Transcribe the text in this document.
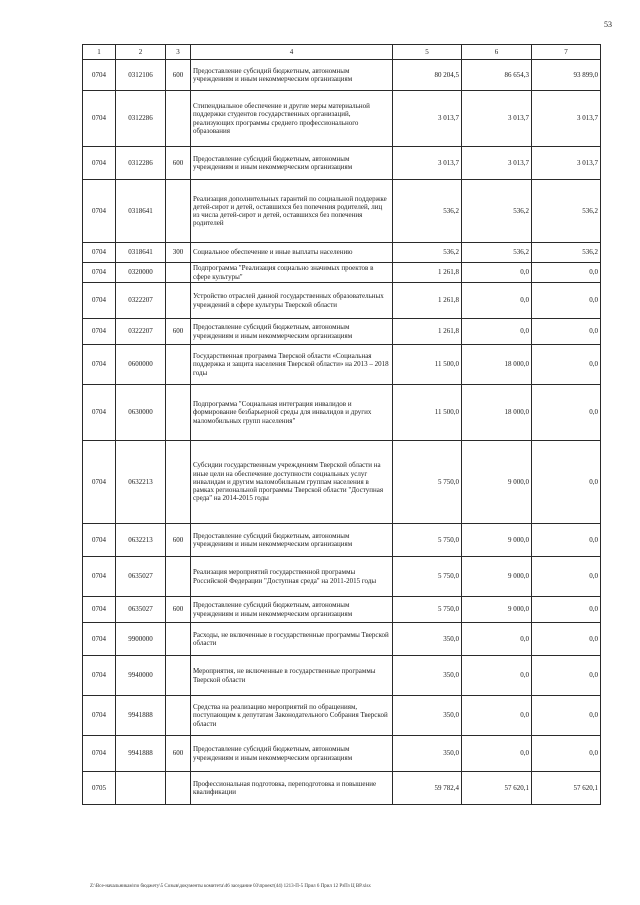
53
1	2	3	4	5	6	7
0704	0312106	600	Предоставление субсидий бюджетным, автономным учреждениям и иным некоммерческим организациям	80 204,5	86 654,3	93 899,0
0704	0312286		Стипендиальное обеспечение и другие меры материальной поддержки студентов государственных организаций, реализующих программы среднего профессионального образования	3 013,7	3 013,7	3 013,7
0704	0312286	600	Предоставление субсидий бюджетным, автономным учреждениям и иным некоммерческим организациям	3 013,7	3 013,7	3 013,7
0704	0318641		Реализация дополнительных гарантий по социальной поддержке детей-сирот и детей, оставшихся без попечения родителей, лиц из числа детей-сирот и детей, оставшихся без попечения родителей	536,2	536,2	536,2
0704	0318641	300	Социальное обеспечение и иные выплаты населению	536,2	536,2	536,2
0704	0320000		Подпрограмма "Реализация социально значимых проектов в сфере культуры"	1 261,8	0,0	0,0
0704	0322207		Устройство отраслей данной государственных образовательных учреждений в сфере культуры Тверской области	1 261,8	0,0	0,0
0704	0322207	600	Предоставление субсидий бюджетным, автономным учреждениям и иным некоммерческим организациям	1 261,8	0,0	0,0
0704	0600000		Государственная программа Тверской области «Социальная поддержка и защита населения Тверской области» на 2013 – 2018 годы	11 500,0	18 000,0	0,0
0704	0630000		Подпрограмма "Социальная интеграция инвалидов и формирование безбарьерной среды для инвалидов и других маломобильных групп населения"	11 500,0	18 000,0	0,0
0704	0632213		Субсидии государственным учреждениям Тверской области на иные цели на обеспечение доступности социальных услуг инвалидам и другим маломобильным группам населения в рамках региональной программы Тверской области "Доступная среда" на 2014-2015 годы	5 750,0	9 000,0	0,0
0704	0632213	600	Предоставление субсидий бюджетным, автономным учреждениям и иным некоммерческим организациям	5 750,0	9 000,0	0,0
0704	0635027		Реализация мероприятий государственной программы Российской Федерации "Доступная среда" на 2011-2015 годы	5 750,0	9 000,0	0,0
0704	0635027	600	Предоставление субсидий бюджетным, автономным учреждениям и иным некоммерческим организациям	5 750,0	9 000,0	0,0
0704	9900000		Расходы, не включенные в государственные программы Тверской области	350,0	0,0	0,0
0704	9940000		Мероприятия, не включенные в государственные программы Тверской области	350,0	0,0	0,0
0704	9941888		Средства на реализацию мероприятий по обращениям, поступающим к депутатам Законодательного Собрания Тверской области	350,0	0,0	0,0
0704	9941888	600	Предоставление субсидий бюджетным, автономным учреждениям и иным некоммерческим организациям	350,0	0,0	0,0
0705			Профессиональная подготовка, переподготовка и повышение квалификации	59 782,4	57 620,1	57 620,1
Z:\Все-начальникам\по бюджету\5 Созыв\документы комитета\46 заседание 03\проект(44) 1213-П-5 Прил 6 Прил 12 РзПз Ц ВР.xlsx
